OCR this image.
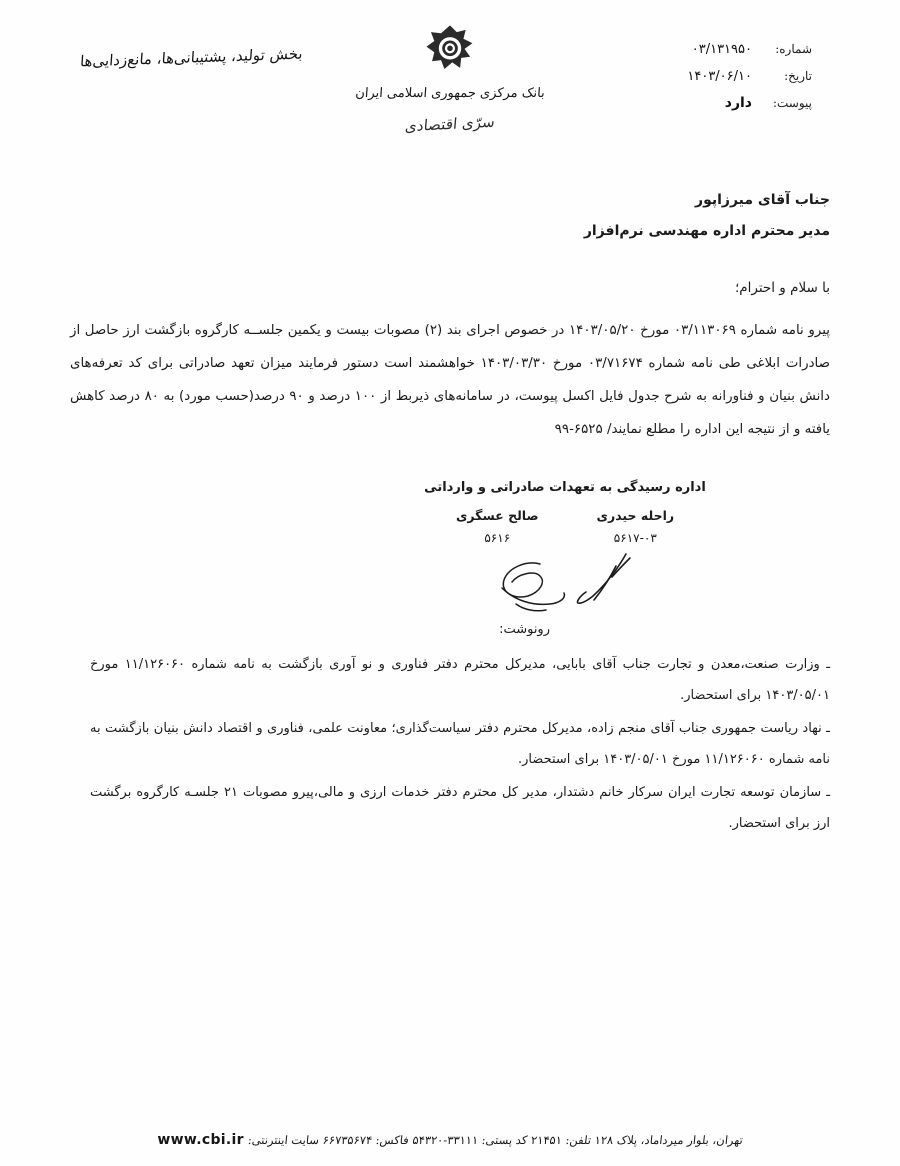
شماره:
۰۳/۱۳۱۹۵۰
تاریخ:
۱۴۰۳/۰۶/۱۰
پیوست:
دارد
بانک مرکزی جمهوری اسلامی ایران
سرّی اقتصادی
بخش تولید، پشتیبانی‌ها، مانع‌زدایی‌ها
جناب آقای میرزاپور
مدیر محترم اداره مهندسی نرم‌افزار
با سلام و احترام؛
پیرو نامه شماره ۰۳/۱۱۳۰۶۹ مورخ ۱۴۰۳/۰۵/۲۰ در خصوص اجرای بند (۲) مصوبات بیست و یکمین جلســه کارگروه بازگشت ارز حاصل از صادرات ابلاغی طی نامه شماره ۰۳/۷۱۶۷۴ مورخ ۱۴۰۳/۰۳/۳۰ خواهشمند است دستور فرمایند میزان تعهد صادراتی برای کد تعرفه‌های دانش بنیان و فناورانه به شرح جدول فایل اکسل پیوست، در سامانه‌های ذیربط از ۱۰۰ درصد و ۹۰ درصد(حسب مورد) به ۸۰ درصد کاهش یافته و از نتیجه این اداره را مطلع نمایند/ ۶۵۲۵-۹۹
اداره رسیدگی به تعهدات صادراتی و وارداتی
راحله حیدری
۵۶۱۷-۰۳
صالح عسگری
۵۶۱۶
رونوشت:
ـ وزارت صنعت،معدن و تجارت جناب آقای بابایی، مدیرکل محترم دفتر فناوری و نو آوری بازگشت به نامه شماره ۱۱/۱۲۶۰۶۰ مورخ ۱۴۰۳/۰۵/۰۱ برای استحضار.
ـ نهاد ریاست جمهوری جناب آقای منجم زاده، مدیرکل محترم دفتر سیاست‌گذاری؛ معاونت علمی، فناوری و اقتصاد دانش بنیان بازگشت به نامه شماره ۱۱/۱۲۶۰۶۰ مورخ ۱۴۰۳/۰۵/۰۱ برای استحضار.
ـ سازمان توسعه تجارت ایران سرکار خانم دشتدار، مدیر کل محترم دفتر خدمات ارزی و مالی،پیرو مصوبات ۲۱ جلسـه کارگروه برگشت ارز برای استحضار.
تهران، بلوار میرداماد، پلاک ۱۲۸ تلفن: ۲۱۴۵۱ کد پستی: ۳۳۱۱۱-۵۴۳۲۰ فاکس: ۶۶۷۳۵۶۷۴ سایت اینترنتی: www.cbi.ir
